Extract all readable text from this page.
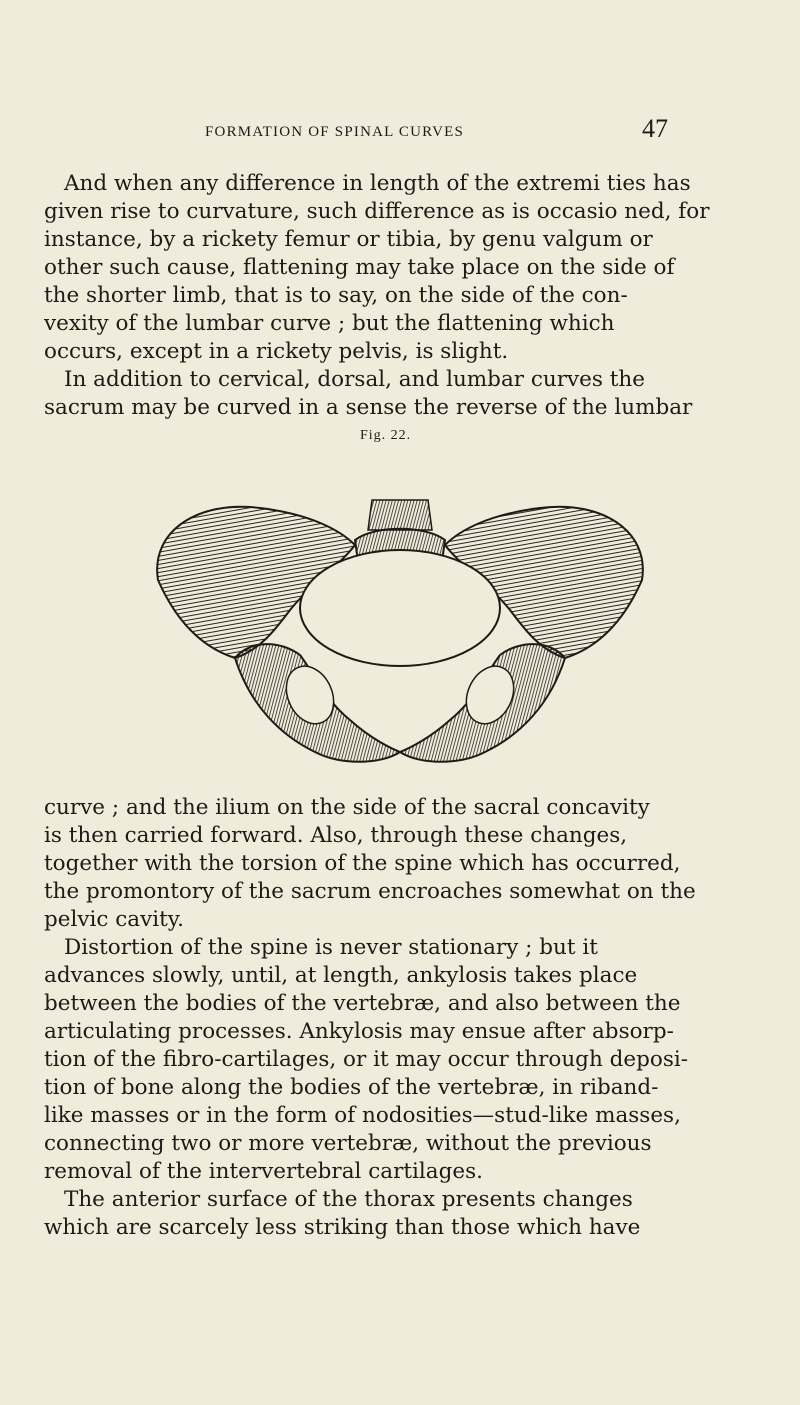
FORMATION OF SPINAL CURVES	47
And when any difference in length of the extremi ties has
given rise to curvature, such difference as is occasio ned, for
instance, by a rickety femur or tibia, by genu valgum or
other such cause, flattening may take place on the side of
the shorter limb, that is to say, on the side of the con-
vexity of the lumbar curve ; but the flattening which
occurs, except in a rickety pelvis, is slight.
In addition to cervical, dorsal, and lumbar curves the
sacrum may be curved in a sense the reverse of the lumbar
Fig. 22.
curve ; and the ilium on the side of the sacral concavity
is then carried forward. Also, through these changes,
together with the torsion of the spine which has occurred,
the promontory of the sacrum encroaches somewhat on the
pelvic cavity.
Distortion of the spine is never stationary ; but it
advances slowly, until, at length, ankylosis takes place
between the bodies of the vertebræ, and also between the
articulating processes. Ankylosis may ensue after absorp-
tion of the fibro-cartilages, or it may occur through deposi-
tion of bone along the bodies of the vertebræ, in riband-
like masses or in the form of nodosities—stud-like masses,
connecting two or more vertebræ, without the previous
removal of the intervertebral cartilages.
The anterior surface of the thorax presents changes
which are scarcely less striking than those which have
